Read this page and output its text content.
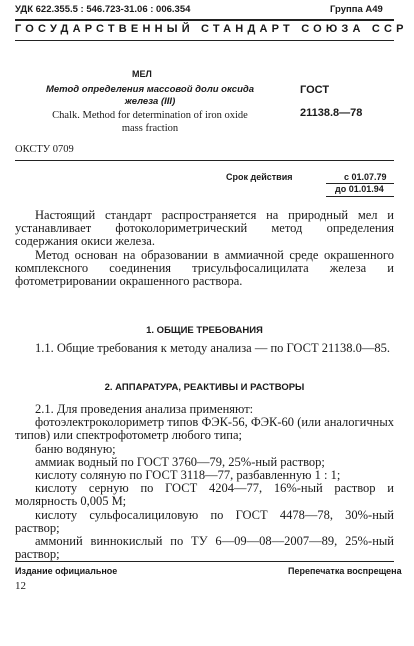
УДК 622.355.5 : 546.723-31.06 : 006.354	Группа А49
ГОСУДАРСТВЕННЫЙ СТАНДАРТ СОЮЗА ССР
МЕЛ
Метод определения массовой доли оксида
железа (III)
Chalk. Method for determination of iron oxide
mass fraction
ГОСТ
21138.8—78
ОКСТУ 0709
Срок действия	с 01.07.79
до 01.01.94

Настоящий стандарт распространяется на природный мел и устанавливает фотоколориметрический метод определения содержания окиси железа.

Метод основан на образовании в аммиачной среде окрашенного комплексного соединения трисульфосалицилата железа и фотометрировании окрашенного раствора.

1. ОБЩИЕ ТРЕБОВАНИЯ

1.1. Общие требования к методу анализа — по ГОСТ 21138.0—85.

2. АППАРАТУРА, РЕАКТИВЫ И РАСТВОРЫ

2.1. Для проведения анализа применяют:

фотоэлектроколориметр типов ФЭК-56, ФЭК-60 (или аналогичных типов) или спектрофотометр любого типа;

баню водяную;

аммиак водный по ГОСТ 3760—79, 25%-ный раствор;

кислоту соляную по ГОСТ 3118—77, разбавленную 1 : 1;

кислоту серную по ГОСТ 4204—77, 16%-ный раствор и молярность 0,005 М;

кислоту сульфосалициловую по ГОСТ 4478—78, 30%-ный раствор;

аммоний виннокислый по ТУ 6—09—08—2007—89, 25%-ный раствор;

Издание официальное	Перепечатка воспрещена
12
